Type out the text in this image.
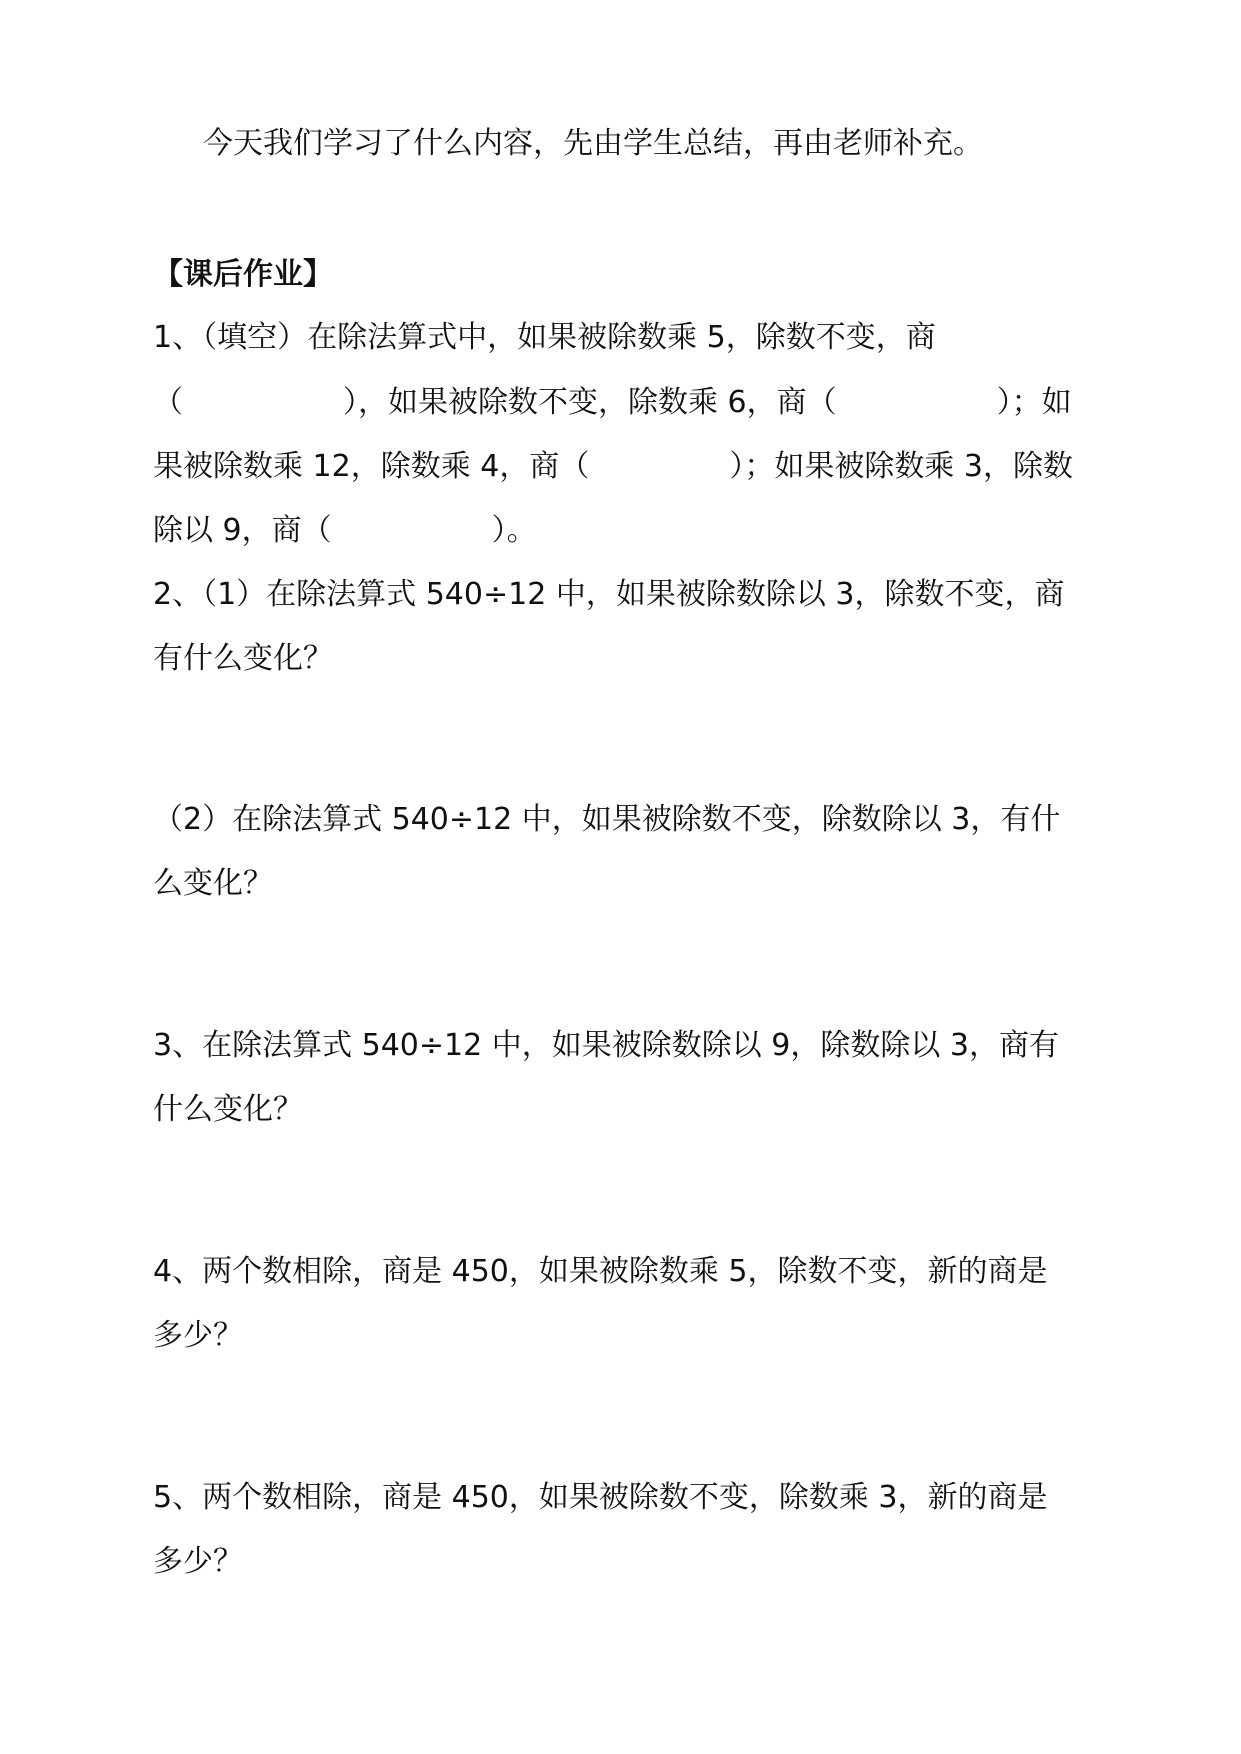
今天我们学习了什么内容，先由学生总结，再由老师补充。
【课后作业】
1、（填空）在除法算式中，如果被除数乘 5，除数不变，商
（	），如果被除数不变，除数乘 6，商（	）；如
果被除数乘 12，除数乘 4，商（	）；如果被除数乘 3，除数
除以 9，商（	）。
2、（1）在除法算式 540÷12 中，如果被除数除以 3，除数不变，商
有什么变化？
（2）在除法算式 540÷12 中，如果被除数不变，除数除以 3，有什
么变化？
3、在除法算式 540÷12 中，如果被除数除以 9，除数除以 3，商有
什么变化？
4、两个数相除，商是 450，如果被除数乘 5，除数不变，新的商是
多少？
5、两个数相除，商是 450，如果被除数不变，除数乘 3，新的商是
多少？
